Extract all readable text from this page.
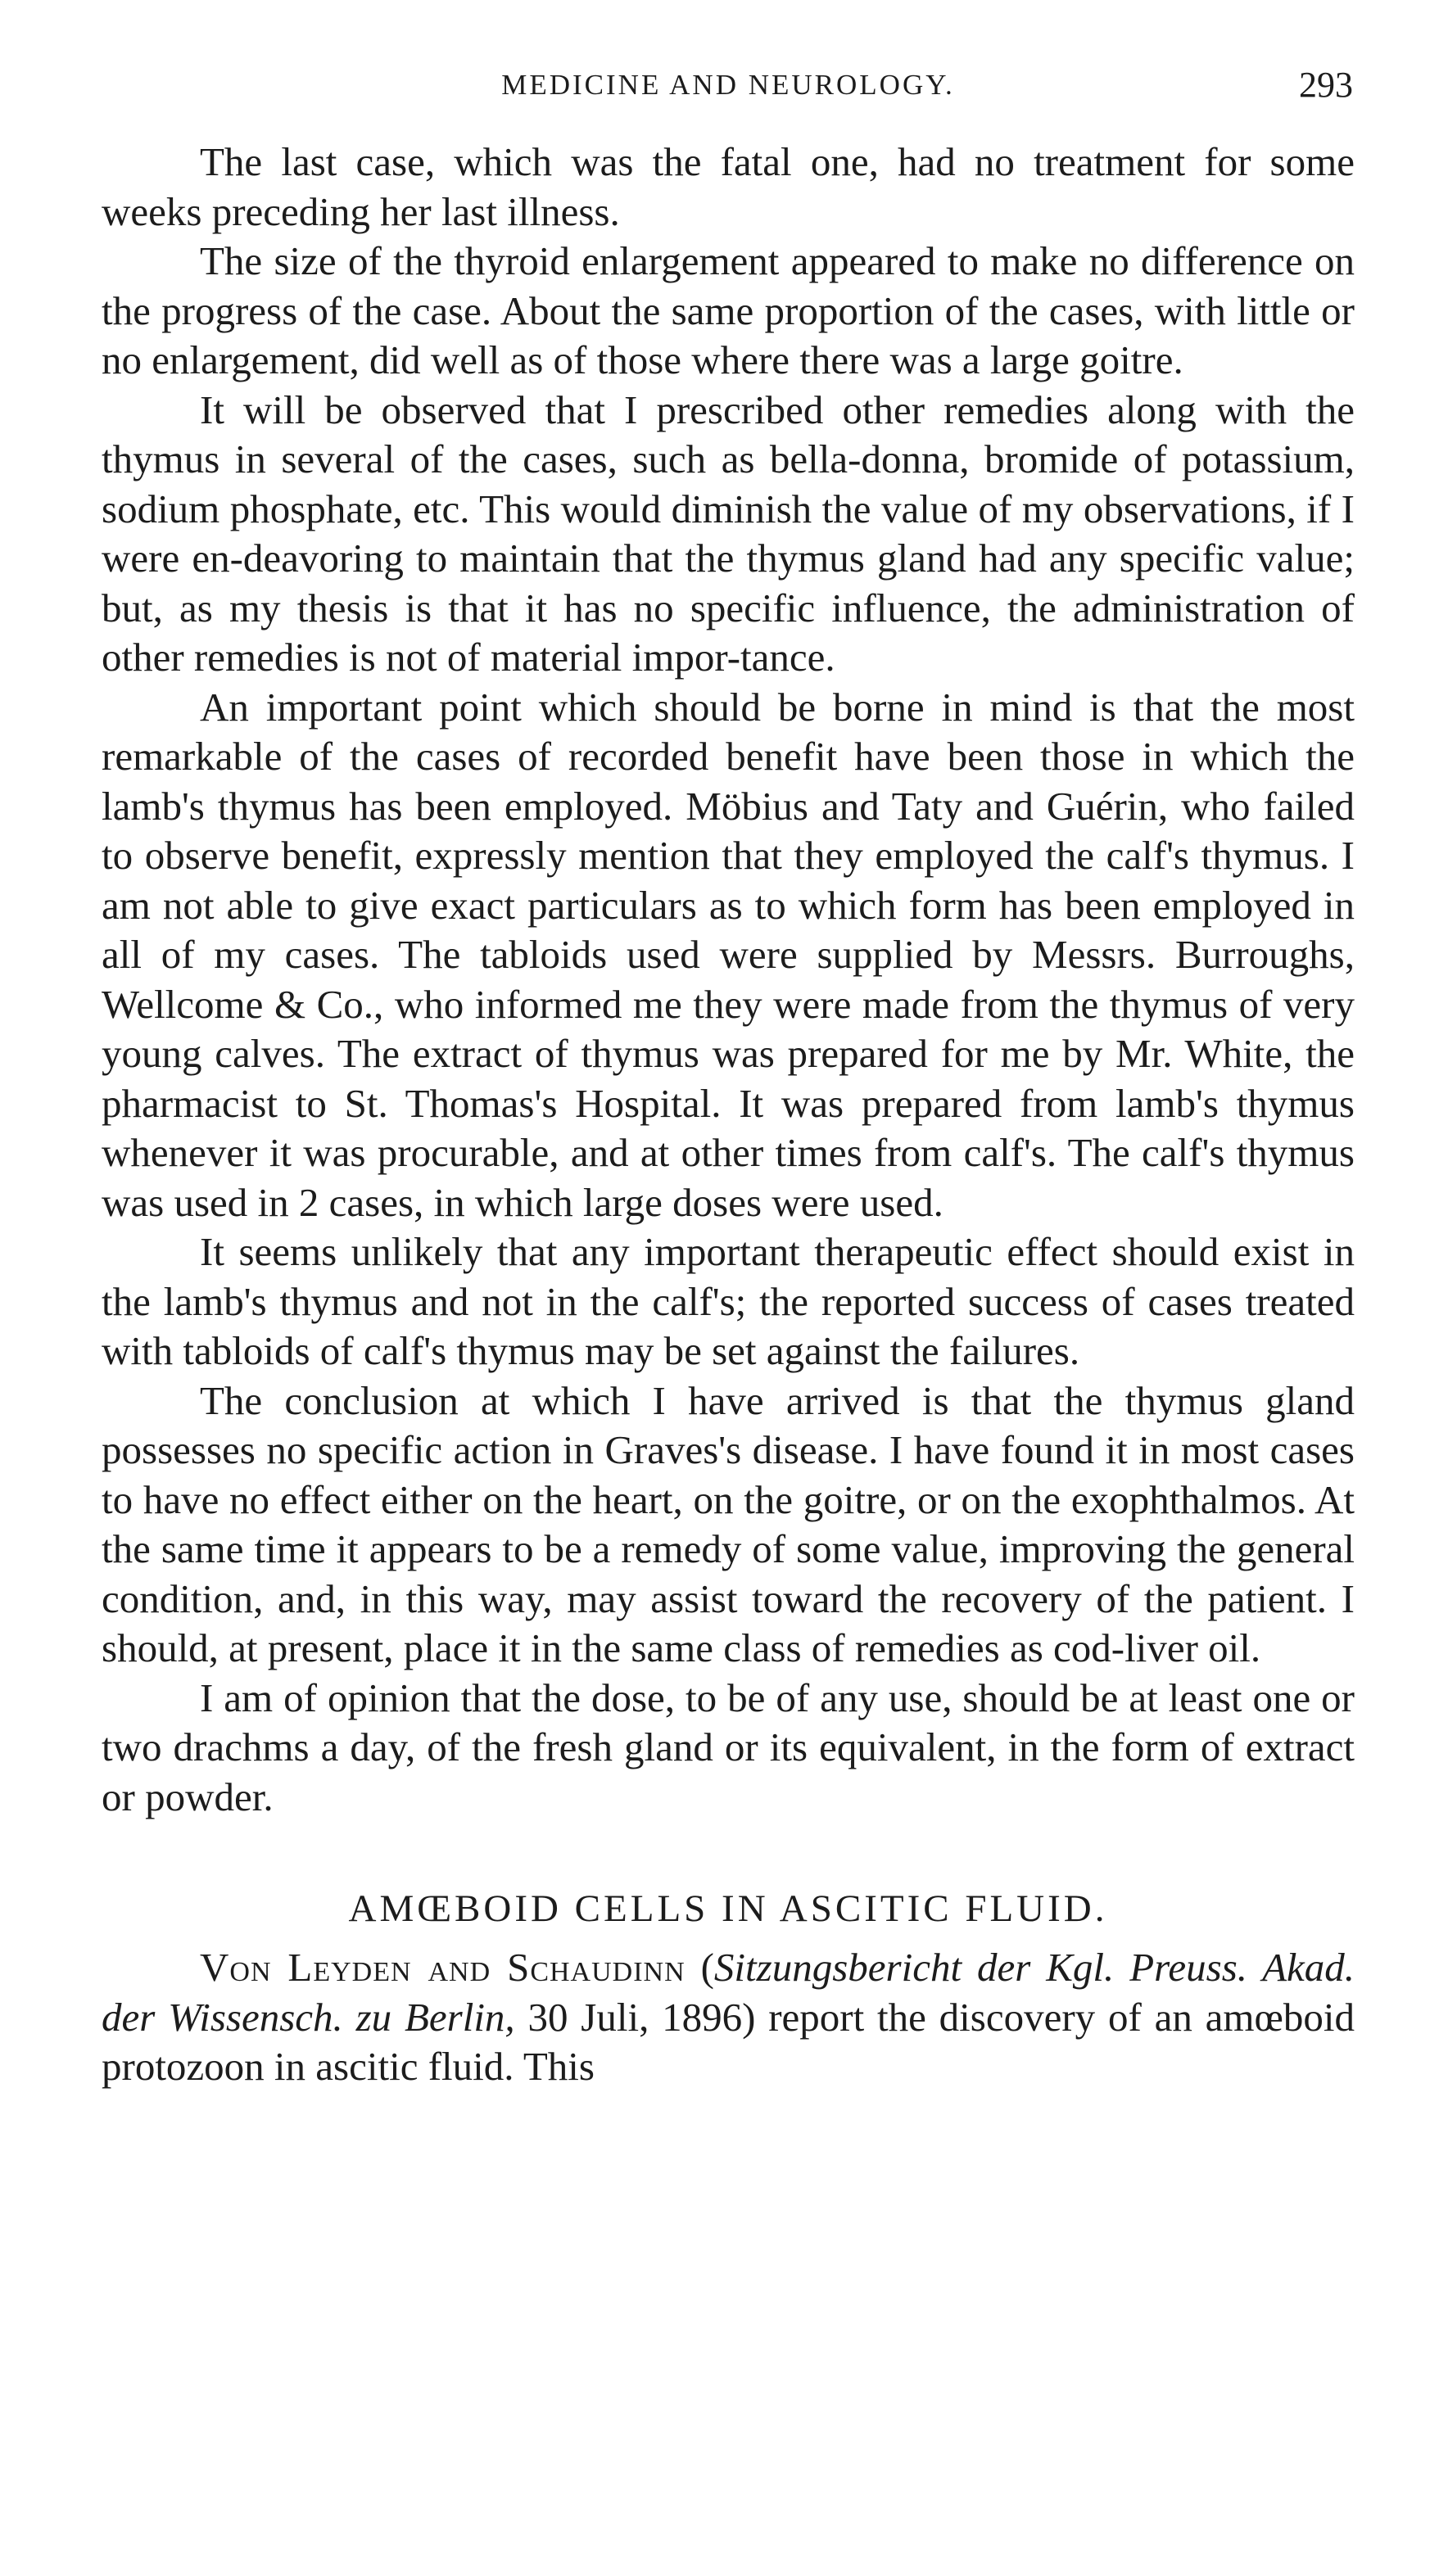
MEDICINE AND NEUROLOGY.	293

The last case, which was the fatal one, had no treatment for some weeks preceding her last illness.

The size of the thyroid enlargement appeared to make no difference on the progress of the case. About the same proportion of the cases, with little or no enlargement, did well as of those where there was a large goitre.

It will be observed that I prescribed other remedies along with the thymus in several of the cases, such as bella-donna, bromide of potassium, sodium phosphate, etc. This would diminish the value of my observations, if I were en-deavoring to maintain that the thymus gland had any specific value; but, as my thesis is that it has no specific influence, the administration of other remedies is not of material impor-tance.

An important point which should be borne in mind is that the most remarkable of the cases of recorded benefit have been those in which the lamb's thymus has been employed. Möbius and Taty and Guérin, who failed to observe benefit, expressly mention that they employed the calf's thymus. I am not able to give exact particulars as to which form has been employed in all of my cases. The tabloids used were supplied by Messrs. Burroughs, Wellcome & Co., who informed me they were made from the thymus of very young calves. The extract of thymus was prepared for me by Mr. White, the pharmacist to St. Thomas's Hospital. It was prepared from lamb's thymus whenever it was procurable, and at other times from calf's. The calf's thymus was used in 2 cases, in which large doses were used.

It seems unlikely that any important therapeutic effect should exist in the lamb's thymus and not in the calf's; the reported success of cases treated with tabloids of calf's thymus may be set against the failures.

The conclusion at which I have arrived is that the thymus gland possesses no specific action in Graves's disease. I have found it in most cases to have no effect either on the heart, on the goitre, or on the exophthalmos. At the same time it appears to be a remedy of some value, improving the general condition, and, in this way, may assist toward the recovery of the patient. I should, at present, place it in the same class of remedies as cod-liver oil.

I am of opinion that the dose, to be of any use, should be at least one or two drachms a day, of the fresh gland or its equivalent, in the form of extract or powder.

AMŒBOID CELLS IN ASCITIC FLUID.

Von Leyden and Schaudinn (Sitzungsbericht der Kgl. Preuss. Akad. der Wissensch. zu Berlin, 30 Juli, 1896) report the discovery of an amœboid protozoon in ascitic fluid. This
